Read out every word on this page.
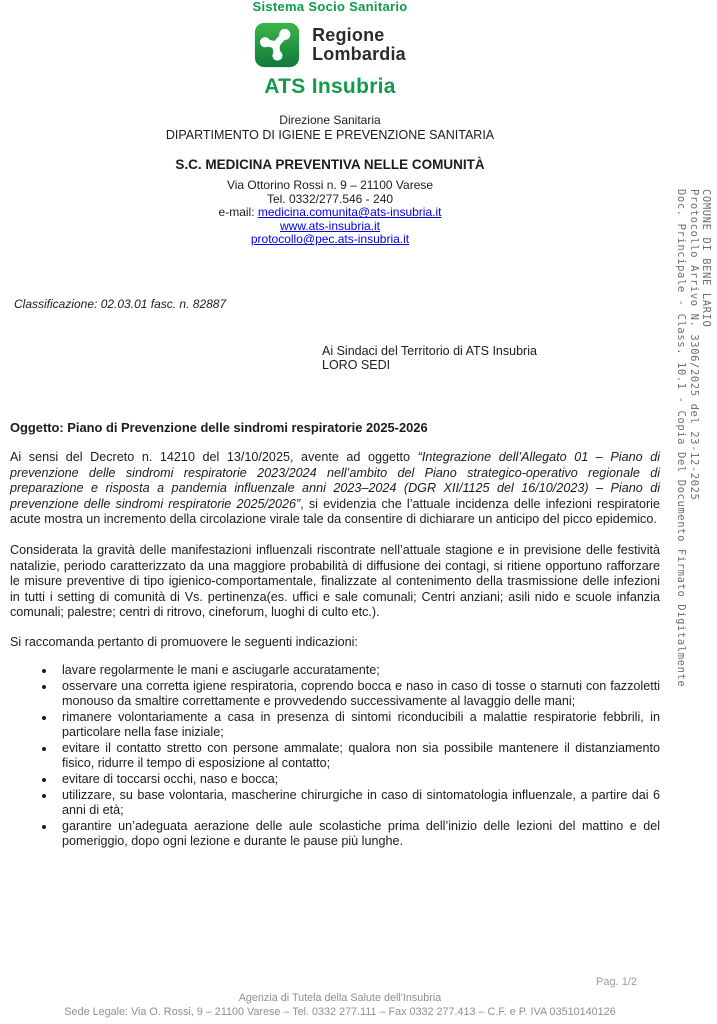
Sistema Socio Sanitario
Regione
Lombardia
ATS Insubria
Direzione Sanitaria
DIPARTIMENTO DI IGIENE E PREVENZIONE SANITARIA
S.C. MEDICINA PREVENTIVA NELLE COMUNITÀ
Via Ottorino Rossi n. 9 – 21100 Varese
Tel. 0332/277.546 - 240
e-mail: medicina.comunita@ats-insubria.it
www.ats-insubria.it
protocollo@pec.ats-insubria.it
Classificazione: 02.03.01 fasc. n. 82887
Ai Sindaci del Territorio di ATS Insubria
LORO SEDI
Oggetto: Piano di Prevenzione delle sindromi respiratorie 2025-2026

Ai sensi del Decreto n. 14210 del 13/10/2025, avente ad oggetto “Integrazione dell’Allegato 01 – Piano di prevenzione delle sindromi respiratorie 2023/2024 nell’ambito del Piano strategico-operativo regionale di preparazione e risposta a pandemia influenzale anni 2023–2024 (DGR XII/1125 del 16/10/2023) – Piano di prevenzione delle sindromi respiratorie 2025/2026”, si evidenzia che l’attuale incidenza delle infezioni respiratorie acute mostra un incremento della circolazione virale tale da consentire di dichiarare un anticipo del picco epidemico.

Considerata la gravità delle manifestazioni influenzali riscontrate nell’attuale stagione e in previsione delle festività natalizie, periodo caratterizzato da una maggiore probabilità di diffusione dei contagi, si ritiene opportuno rafforzare le misure preventive di tipo igienico-comportamentale, finalizzate al contenimento della trasmissione delle infezioni in tutti i setting di comunità di Vs. pertinenza(es. uffici e sale comunali; Centri anziani; asili nido e scuole infanzia comunali; palestre; centri di ritrovo, cineforum, luoghi di culto etc.).

Si raccomanda pertanto di promuovere le seguenti indicazioni:

• lavare regolarmente le mani e asciugarle accuratamente;
• osservare una corretta igiene respiratoria, coprendo bocca e naso in caso di tosse o starnuti con fazzoletti monouso da smaltire correttamente e provvedendo successivamente al lavaggio delle mani;
• rimanere volontariamente a casa in presenza di sintomi riconducibili a malattie respiratorie febbrili, in particolare nella fase iniziale;
• evitare il contatto stretto con persone ammalate; qualora non sia possibile mantenere il distanziamento fisico, ridurre il tempo di esposizione al contatto;
• evitare di toccarsi occhi, naso e bocca;
• utilizzare, su base volontaria, mascherine chirurgiche in caso di sintomatologia influenzale, a partire dai 6 anni di età;
• garantire un’adeguata aerazione delle aule scolastiche prima dell’inizio delle lezioni del mattino e del pomeriggio, dopo ogni lezione e durante le pause più lunghe.
COMUNE DI BENE LARIO
Protocollo Arrivo N. 3306/2025 del 23-12-2025
Doc. Principale - Class. 10.1 - Copia Del Documento Firmato Digitalmente
Pag. 1/2
Agenzia di Tutela della Salute dell'Insubria
Sede Legale: Via O. Rossi, 9 – 21100 Varese – Tel. 0332 277.111 – Fax 0332 277.413 – C.F. e P. IVA 03510140126
